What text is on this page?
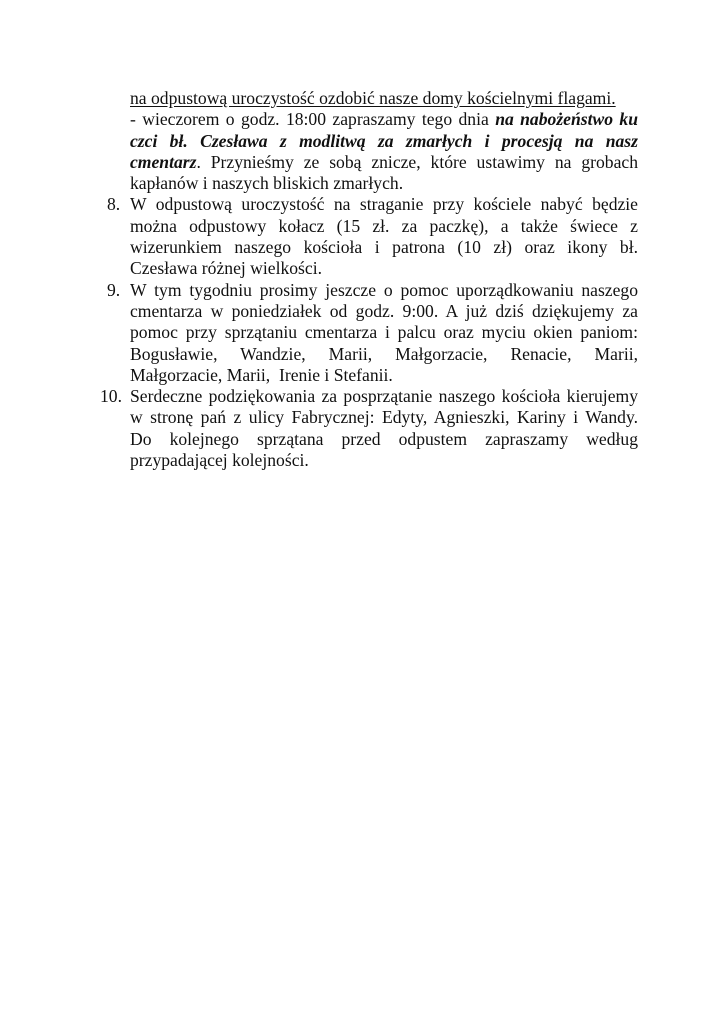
na odpustową uroczystość ozdobić nasze domy kościelnymi flagami.
- wieczorem o godz. 18:00 zapraszamy tego dnia na nabożeństwo ku
czci bł. Czesława z modlitwą za zmarłych i procesją na nasz
cmentarz. Przynieśmy ze sobą znicze, które ustawimy na grobach
kapłanów i naszych bliskich zmarłych.
8. W odpustową uroczystość na straganie przy kościele nabyć będzie
można odpustowy kołacz (15 zł. za paczkę), a także świece z
wizerunkiem naszego kościoła i patrona (10 zł) oraz ikony bł.
Czesława różnej wielkości.
9. W tym tygodniu prosimy jeszcze o pomoc uporządkowaniu naszego
cmentarza w poniedziałek od godz. 9:00. A już dziś dziękujemy za
pomoc przy sprzątaniu cmentarza i palcu oraz myciu okien paniom:
Bogusławie, Wandzie, Marii, Małgorzacie, Renacie, Marii,
Małgorzacie, Marii,  Irenie i Stefanii.
10. Serdeczne podziękowania za posprzątanie naszego kościoła kierujemy
w stronę pań z ulicy Fabrycznej: Edyty, Agnieszki, Kariny i Wandy.
Do kolejnego sprzątana przed odpustem zapraszamy według
przypadającej kolejności.
